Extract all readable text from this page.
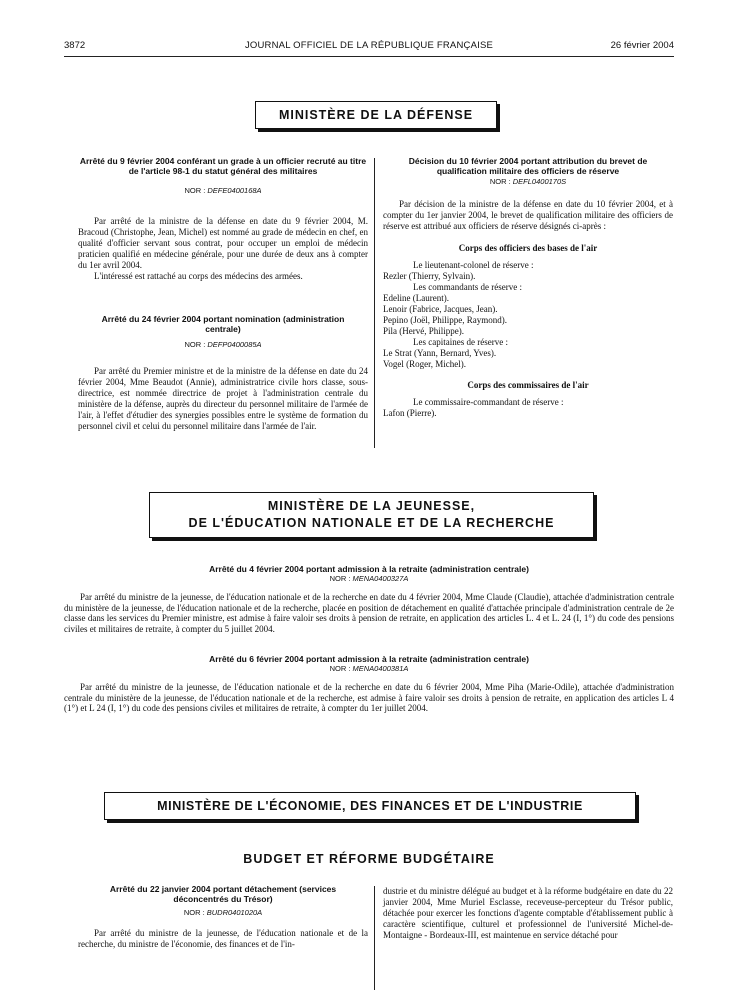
3872	JOURNAL OFFICIEL DE LA RÉPUBLIQUE FRANÇAISE	26 février 2004
MINISTÈRE DE LA DÉFENSE
Arrêté du 9 février 2004 conférant un grade à un officier recruté au titre de l'article 98-1 du statut général des militaires
NOR : DEFE0400168A

Par arrêté de la ministre de la défense en date du 9 février 2004, M. Bracoud (Christophe, Jean, Michel) est nommé au grade de médecin en chef, en qualité d'officier servant sous contrat, pour occuper un emploi de médecin praticien qualifié en médecine générale, pour une durée de deux ans à compter du 1er avril 2004.

L'intéressé est rattaché au corps des médecins des armées.

Arrêté du 24 février 2004 portant nomination (administration centrale)
NOR : DEFP0400085A

Par arrêté du Premier ministre et de la ministre de la défense en date du 24 février 2004, Mme Beaudot (Annie), administratrice civile hors classe, sous-directrice, est nommée directrice de projet à l'administration centrale du ministère de la défense, auprès du directeur du personnel militaire de l'armée de l'air, à l'effet d'étudier des synergies possibles entre le système de formation du personnel civil et celui du personnel militaire dans l'armée de l'air.

Décision du 10 février 2004 portant attribution du brevet de qualification militaire des officiers de réserve
NOR : DEFL0400170S

Par décision de la ministre de la défense en date du 10 février 2004, et à compter du 1er janvier 2004, le brevet de qualification militaire des officiers de réserve est attribué aux officiers de réserve désignés ci-après :

Corps des officiers des bases de l'air
Le lieutenant-colonel de réserve :
Rezler (Thierry, Sylvain).
Les commandants de réserve :
Edeline (Laurent).
Lenoir (Fabrice, Jacques, Jean).
Pepino (Joël, Philippe, Raymond).
Pila (Hervé, Philippe).
Les capitaines de réserve :
Le Strat (Yann, Bernard, Yves).
Vogel (Roger, Michel).
Corps des commissaires de l'air
Le commissaire-commandant de réserve :
Lafon (Pierre).
MINISTÈRE DE LA JEUNESSE,
DE L'ÉDUCATION NATIONALE ET DE LA RECHERCHE
Arrêté du 4 février 2004 portant admission à la retraite (administration centrale)
NOR : MENA0400327A

Par arrêté du ministre de la jeunesse, de l'éducation nationale et de la recherche en date du 4 février 2004, Mme Claude (Claudie), attachée d'administration centrale du ministère de la jeunesse, de l'éducation nationale et de la recherche, placée en position de détachement en qualité d'attachée principale d'administration centrale de 2e classe dans les services du Premier ministre, est admise à faire valoir ses droits à pension de retraite, en application des articles L. 4 et L. 24 (I, 1°) du code des pensions civiles et militaires de retraite, à compter du 5 juillet 2004.

Arrêté du 6 février 2004 portant admission à la retraite (administration centrale)
NOR : MENA0400381A

Par arrêté du ministre de la jeunesse, de l'éducation nationale et de la recherche en date du 6 février 2004, Mme Piha (Marie-Odile), attachée d'administration centrale du ministère de la jeunesse, de l'éducation nationale et de la recherche, est admise à faire valoir ses droits à pension de retraite, en application des articles L 4 (1°) et L 24 (I, 1°) du code des pensions civiles et militaires de retraite, à compter du 1er juillet 2004.

MINISTÈRE DE L'ÉCONOMIE, DES FINANCES ET DE L'INDUSTRIE
BUDGET ET RÉFORME BUDGÉTAIRE
Arrêté du 22 janvier 2004 portant détachement (services déconcentrés du Trésor)
NOR : BUDR0401020A

Par arrêté du ministre de la jeunesse, de l'éducation nationale et de la recherche, du ministre de l'économie, des finances et de l'in-

dustrie et du ministre délégué au budget et à la réforme budgétaire en date du 22 janvier 2004, Mme Muriel Esclasse, receveuse-percepteur du Trésor public, détachée pour exercer les fonctions d'agente comptable d'établissement public à caractère scientifique, culturel et professionnel de l'université Michel-de-Montaigne - Bordeaux-III, est maintenue en service détaché pour
